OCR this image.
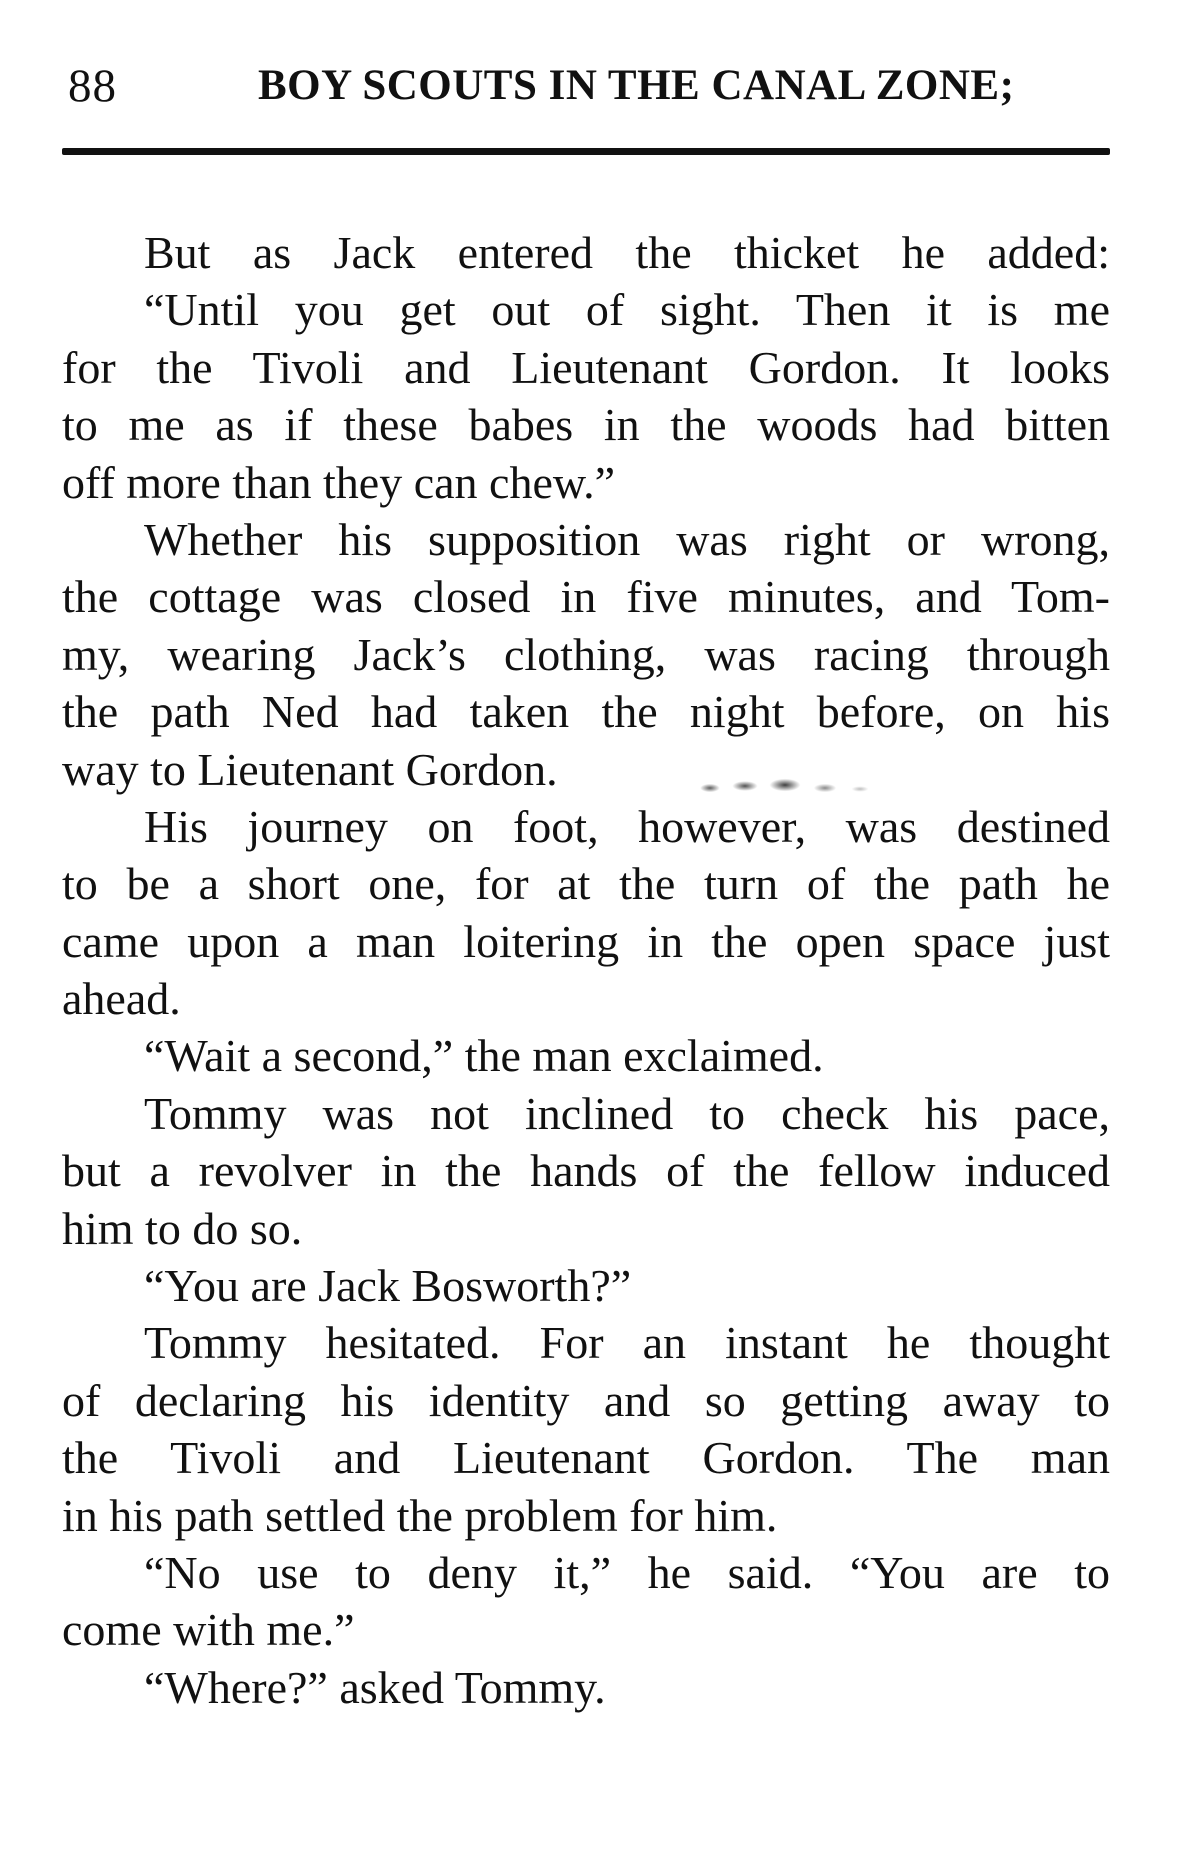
88	BOY SCOUTS IN THE CANAL ZONE;
But as Jack entered the thicket he added:
“Until you get out of sight. Then it is me
for the Tivoli and Lieutenant Gordon. It looks
to me as if these babes in the woods had bitten
off more than they can chew.”
Whether his supposition was right or wrong,
the cottage was closed in five minutes, and Tom-
my, wearing Jack’s clothing, was racing through
the path Ned had taken the night before, on his
way to Lieutenant Gordon.
His journey on foot, however, was destined
to be a short one, for at the turn of the path he
came upon a man loitering in the open space just
ahead.
“Wait a second,” the man exclaimed.
Tommy was not inclined to check his pace,
but a revolver in the hands of the fellow induced
him to do so.
“You are Jack Bosworth?”
Tommy hesitated. For an instant he thought
of declaring his identity and so getting away to
the Tivoli and Lieutenant Gordon. The man
in his path settled the problem for him.
“No use to deny it,” he said. “You are to
come with me.”
“Where?” asked Tommy.
